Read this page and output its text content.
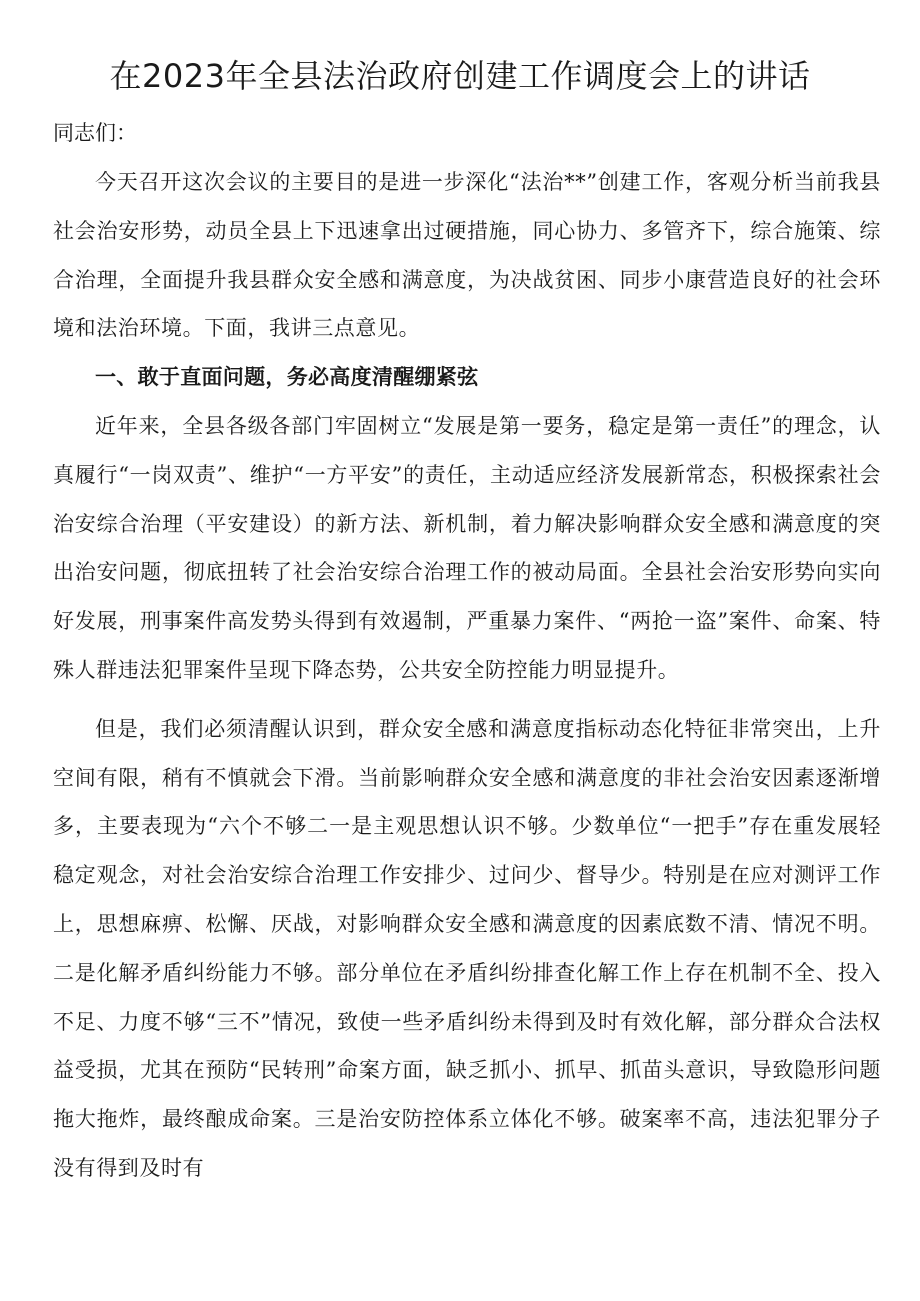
在2023年全县法治政府创建工作调度会上的讲话

同志们：

今天召开这次会议的主要目的是进一步深化“法治**”创建工作，客观分析当前我县社会治安形势，动员全县上下迅速拿出过硬措施，同心协力、多管齐下，综合施策、综合治理，全面提升我县群众安全感和满意度，为决战贫困、同步小康营造良好的社会环境和法治环境。下面，我讲三点意见。

一、敢于直面问题，务必高度清醒绷紧弦

近年来，全县各级各部门牢固树立“发展是第一要务，稳定是第一责任”的理念，认真履行“一岗双责”、维护“一方平安”的责任，主动适应经济发展新常态，积极探索社会治安综合治理（平安建设）的新方法、新机制，着力解决影响群众安全感和满意度的突出治安问题，彻底扭转了社会治安综合治理工作的被动局面。全县社会治安形势向实向好发展，刑事案件高发势头得到有效遏制，严重暴力案件、“两抢一盗”案件、命案、特殊人群违法犯罪案件呈现下降态势，公共安全防控能力明显提升。

但是，我们必须清醒认识到，群众安全感和满意度指标动态化特征非常突出，上升空间有限，稍有不慎就会下滑。当前影响群众安全感和满意度的非社会治安因素逐渐增多，主要表现为“六个不够二一是主观思想认识不够。少数单位“一把手”存在重发展轻稳定观念，对社会治安综合治理工作安排少、过问少、督导少。特别是在应对测评工作上，思想麻痹、松懈、厌战，对影响群众安全感和满意度的因素底数不清、情况不明。二是化解矛盾纠纷能力不够。部分单位在矛盾纠纷排查化解工作上存在机制不全、投入不足、力度不够“三不”情况，致使一些矛盾纠纷未得到及时有效化解，部分群众合法权益受损，尤其在预防“民转刑”命案方面，缺乏抓小、抓早、抓苗头意识，导致隐形问题拖大拖炸，最终酿成命案。三是治安防控体系立体化不够。破案率不高，违法犯罪分子没有得到及时有
